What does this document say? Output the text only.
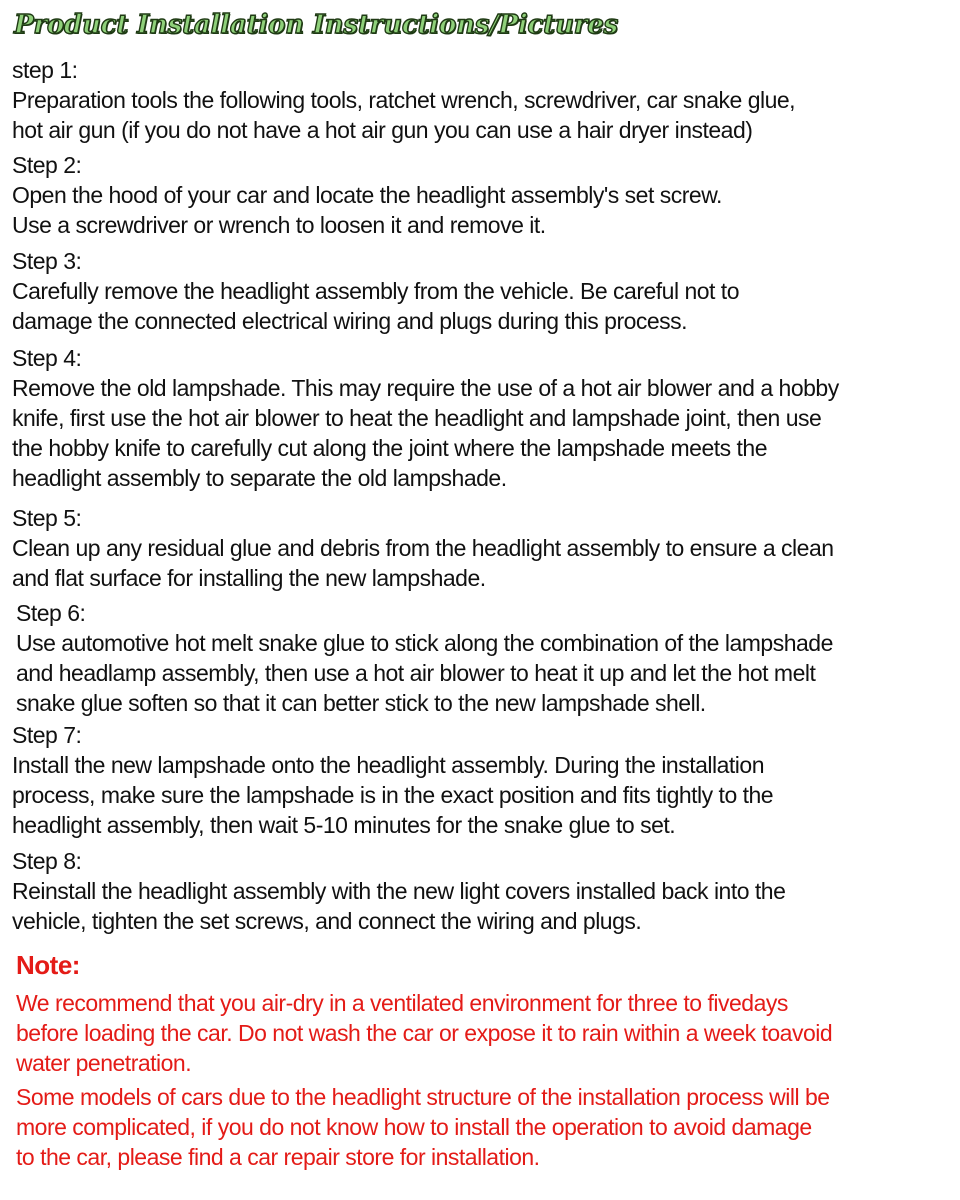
Product Installation Instructions/Pictures
step 1:
Preparation tools the following tools, ratchet wrench, screwdriver, car snake glue,
hot air gun (if you do not have a hot air gun you can use a hair dryer instead)
Step 2:
Open the hood of your car and locate the headlight assembly's set screw.
Use a screwdriver or wrench to loosen it and remove it.
Step 3:
Carefully remove the headlight assembly from the vehicle. Be careful not to
damage the connected electrical wiring and plugs during this process.
Step 4:
Remove the old lampshade. This may require the use of a hot air blower and a hobby
knife, first use the hot air blower to heat the headlight and lampshade joint, then use
the hobby knife to carefully cut along the joint where the lampshade meets the
headlight assembly to separate the old lampshade.
Step 5:
Clean up any residual glue and debris from the headlight assembly to ensure a clean
and flat surface for installing the new lampshade.
Step 6:
Use automotive hot melt snake glue to stick along the combination of the lampshade
and headlamp assembly, then use a hot air blower to heat it up and let the hot melt
snake glue soften so that it can better stick to the new lampshade shell.
Step 7:
Install the new lampshade onto the headlight assembly. During the installation
process, make sure the lampshade is in the exact position and fits tightly to the
headlight assembly, then wait 5-10 minutes for the snake glue to set.
Step 8:
Reinstall the headlight assembly with the new light covers installed back into the
vehicle, tighten the set screws, and connect the wiring and plugs.
Note:
We recommend that you air-dry in a ventilated environment for three to fivedays
before loading the car. Do not wash the car or expose it to rain within a week toavoid
water penetration.
Some models of cars due to the headlight structure of the installation process will be
more complicated, if you do not know how to install the operation to avoid damage
to the car, please find a car repair store for installation.
